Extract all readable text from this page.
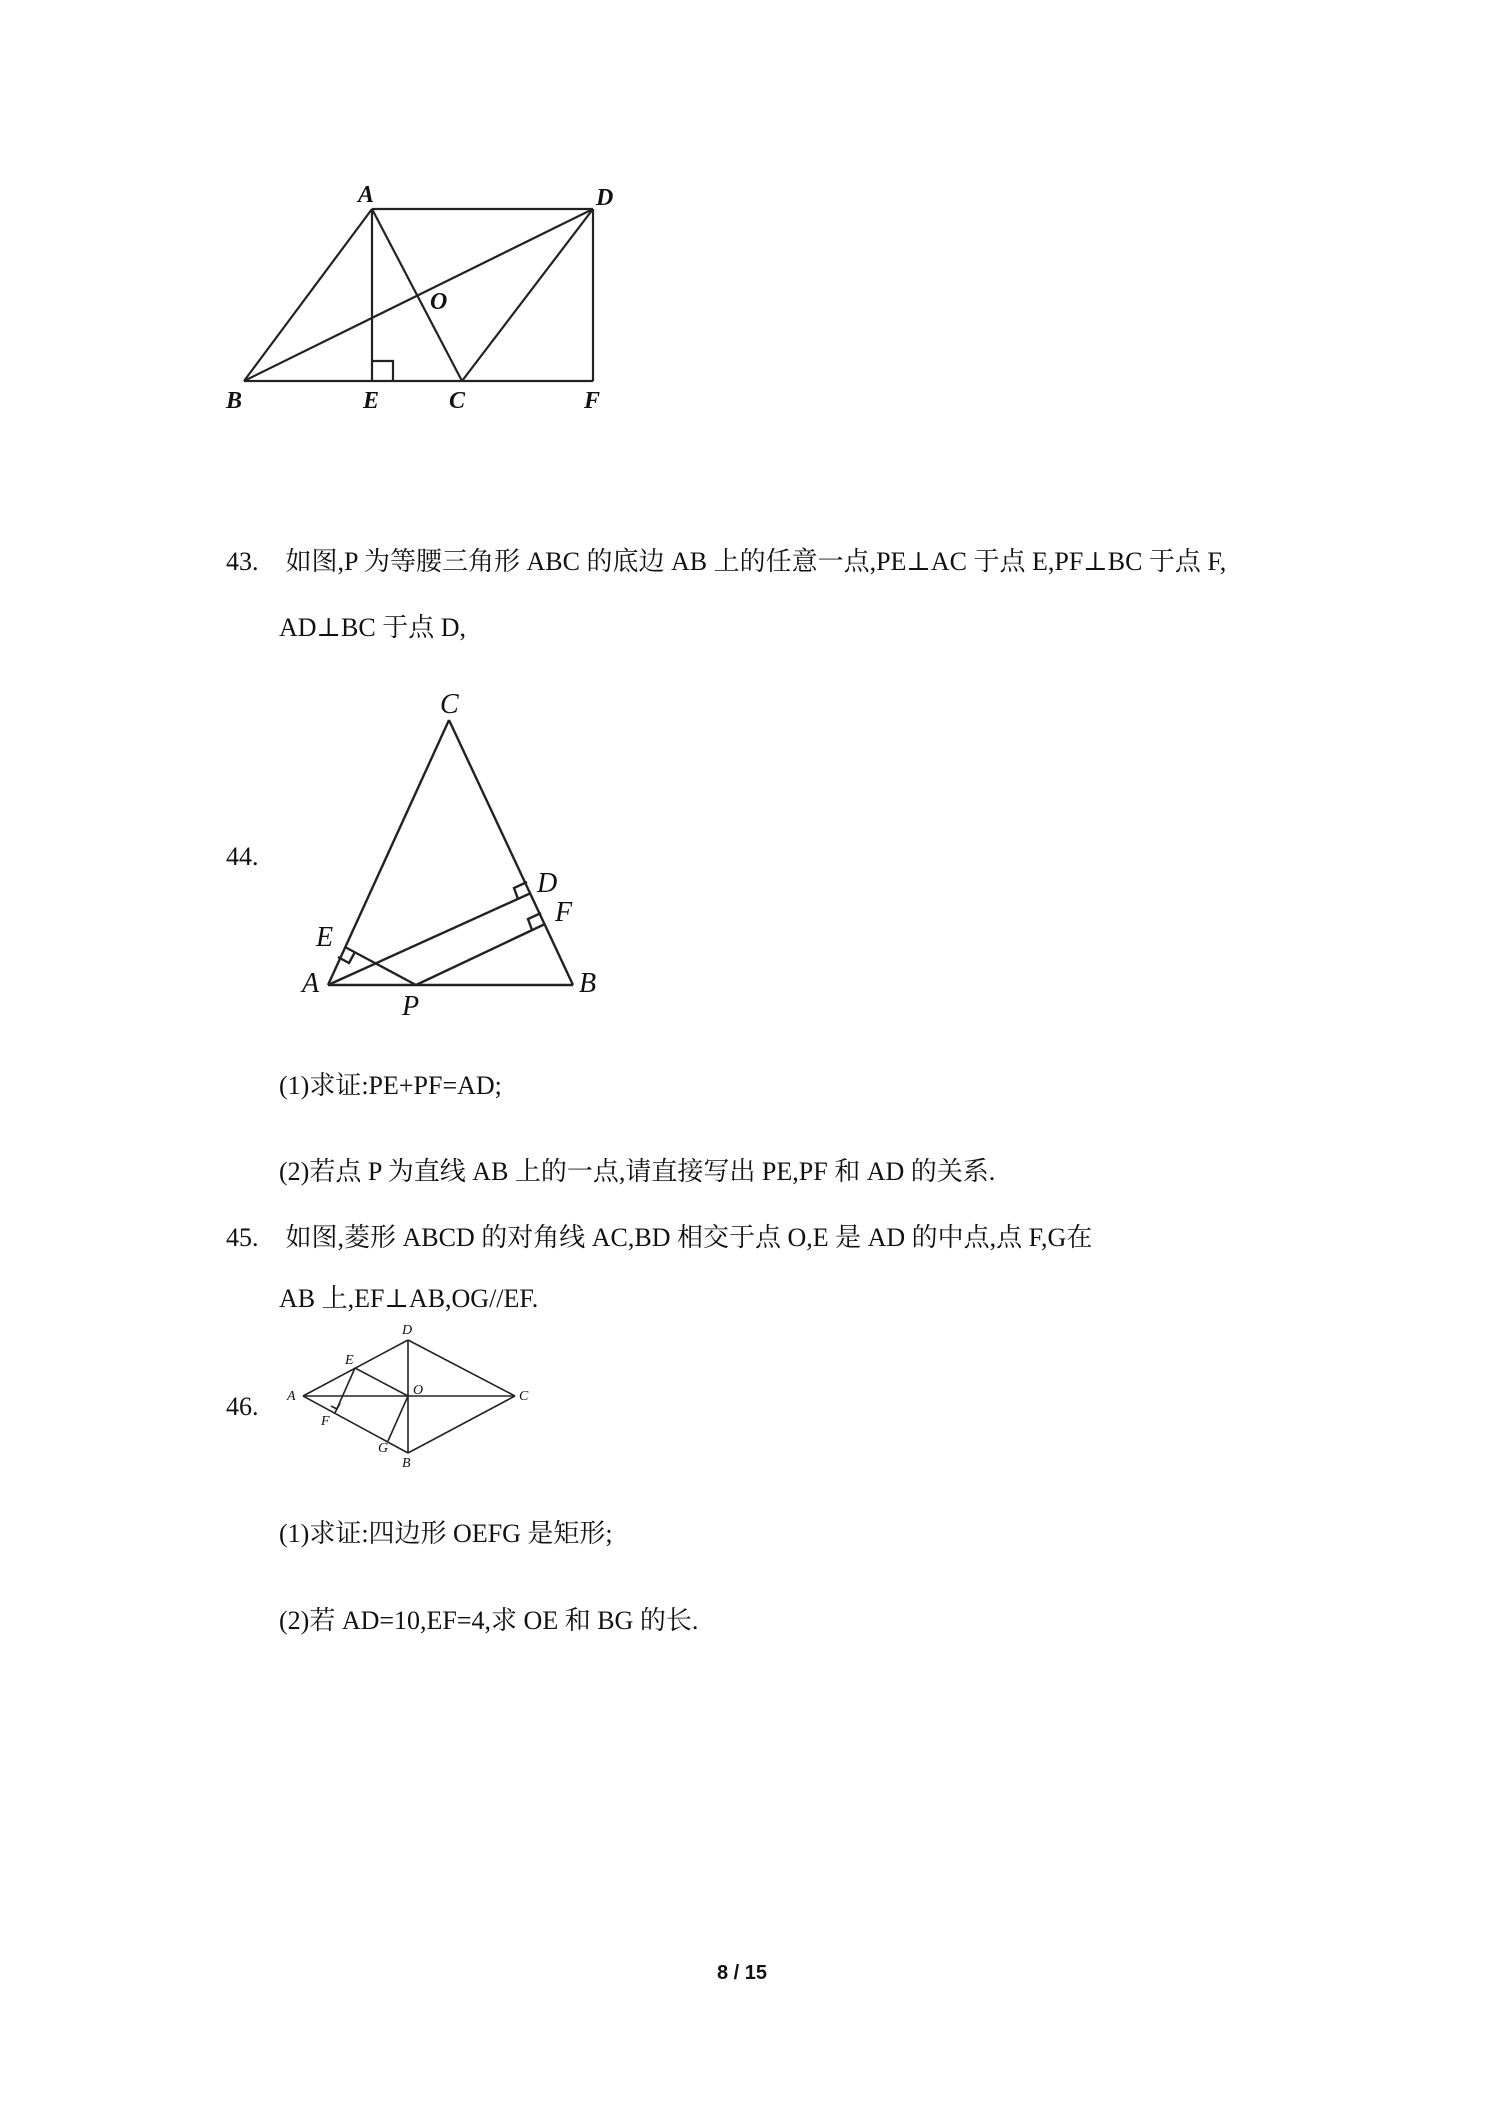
A	D
O
B	E	C	F
43. 如图,P 为等腰三角形 ABC 的底边 AB 上的任意一点,PE⊥AC 于点 E,PF⊥BC 于点 F,
AD⊥BC 于点 D,
44.
C
D
F
E
A
P
B
(1)求证:PE+PF=AD;
(2)若点 P 为直线 AB 上的一点,请直接写出 PE,PF 和 AD 的关系.
45. 如图,菱形 ABCD 的对角线 AC,BD 相交于点 O,E 是 AD 的中点,点 F,G在
AB 上,EF⊥AB,OG//EF.
46.
D
E
A	O	C
F
G
B
(1)求证:四边形 OEFG 是矩形;
(2)若 AD=10,EF=4,求 OE 和 BG 的长.
8 / 15
